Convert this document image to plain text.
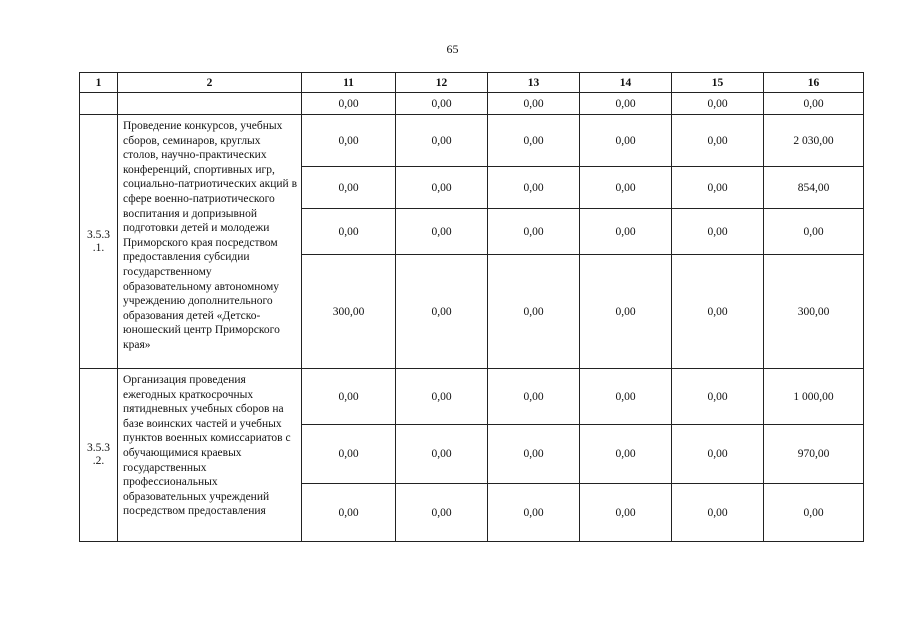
65
1	2	11	12	13	14	15	16
		0,00	0,00	0,00	0,00	0,00	0,00
3.5.3
.1.	Проведение конкурсов, учебных сборов, семинаров, круглых столов, научно-практических конференций, спортивных игр, социально-патриотических акций в сфере военно-патриотического воспитания и допризывной подготовки детей и молодежи Приморского края посредством предоставления субсидии государственному образовательному автономному учреждению дополнительного образования детей «Детско-юношеский центр Приморского края»	0,00	0,00	0,00	0,00	0,00	2 030,00
		0,00	0,00	0,00	0,00	0,00	854,00
		0,00	0,00	0,00	0,00	0,00	0,00
		300,00	0,00	0,00	0,00	0,00	300,00
3.5.3
.2.	Организация проведения ежегодных краткосрочных пятидневных учебных сборов на базе воинских частей и учебных пунктов военных комиссариатов с обучающимися краевых государственных профессиональных образовательных учреждений посредством предоставления	0,00	0,00	0,00	0,00	0,00	1 000,00
		0,00	0,00	0,00	0,00	0,00	970,00
		0,00	0,00	0,00	0,00	0,00	0,00
